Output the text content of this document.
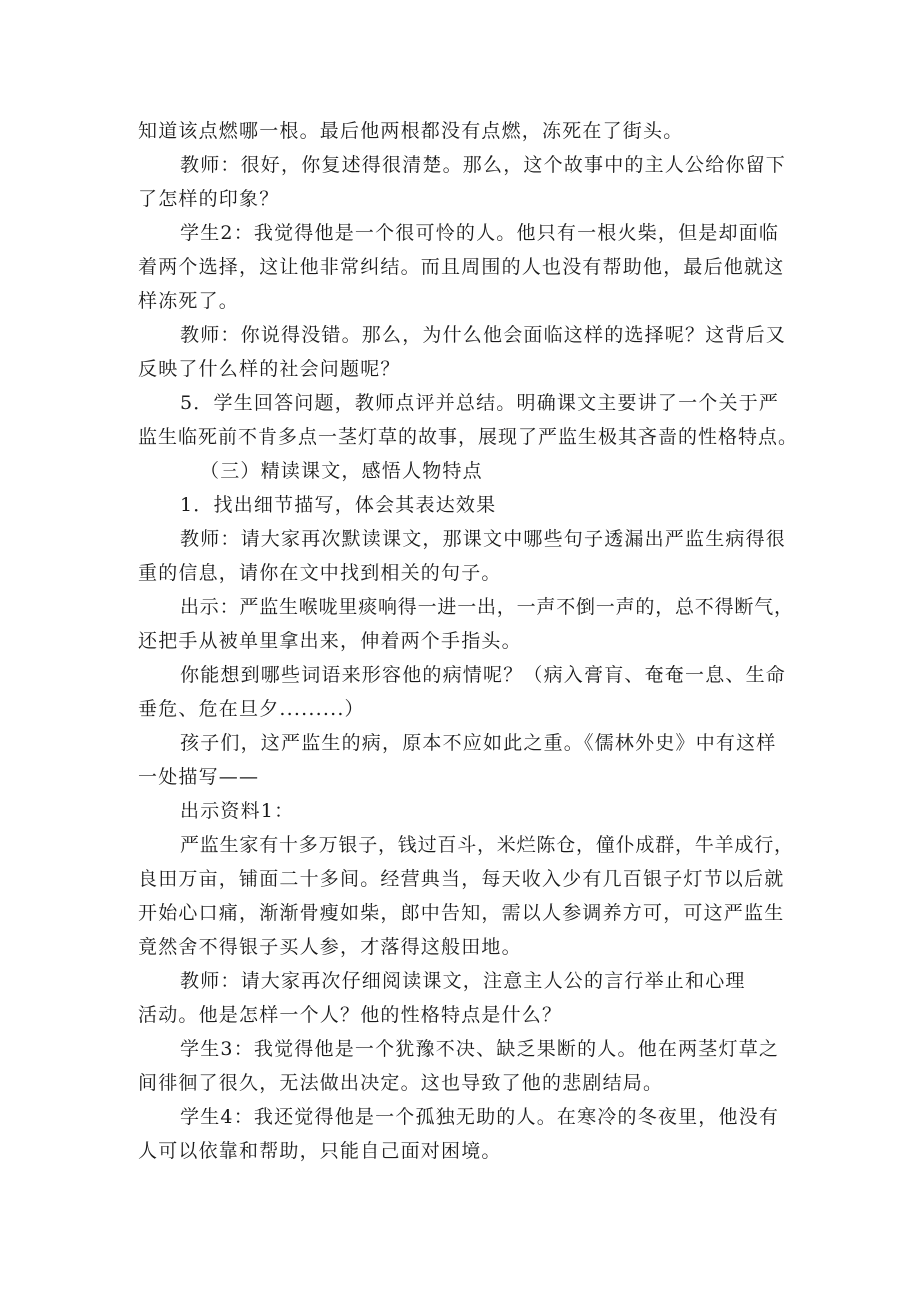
知道该点燃哪一根。最后他两根都没有点燃，冻死在了街头。
教师：很好，你复述得很清楚。那么，这个故事中的主人公给你留下
了怎样的印象？
学生2：我觉得他是一个很可怜的人。他只有一根火柴，但是却面临
着两个选择，这让他非常纠结。而且周围的人也没有帮助他，最后他就这
样冻死了。
教师：你说得没错。那么，为什么他会面临这样的选择呢？这背后又
反映了什么样的社会问题呢？
5．学生回答问题，教师点评并总结。明确课文主要讲了一个关于严
监生临死前不肯多点一茎灯草的故事，展现了严监生极其吝啬的性格特点。
（三）精读课文，感悟人物特点
1．找出细节描写，体会其表达效果
教师：请大家再次默读课文，那课文中哪些句子透漏出严监生病得很
重的信息，请你在文中找到相关的句子。
出示：严监生喉咙里痰响得一进一出，一声不倒一声的，总不得断气，
还把手从被单里拿出来，伸着两个手指头。
你能想到哪些词语来形容他的病情呢？（病入膏肓、奄奄一息、生命
垂危、危在旦夕.........）
孩子们，这严监生的病，原本不应如此之重。《儒林外史》中有这样
一处描写——
出示资料1：
严监生家有十多万银子，钱过百斗，米烂陈仓，僮仆成群，牛羊成行，
良田万亩，铺面二十多间。经营典当，每天收入少有几百银子灯节以后就
开始心口痛，渐渐骨瘦如柴，郎中告知，需以人参调养方可，可这严监生
竟然舍不得银子买人参，才落得这般田地。
教师：请大家再次仔细阅读课文，注意主人公的言行举止和心理
活动。他是怎样一个人？他的性格特点是什么？
学生3：我觉得他是一个犹豫不决、缺乏果断的人。他在两茎灯草之
间徘徊了很久，无法做出决定。这也导致了他的悲剧结局。
学生4：我还觉得他是一个孤独无助的人。在寒冷的冬夜里，他没有
人可以依靠和帮助，只能自己面对困境。
